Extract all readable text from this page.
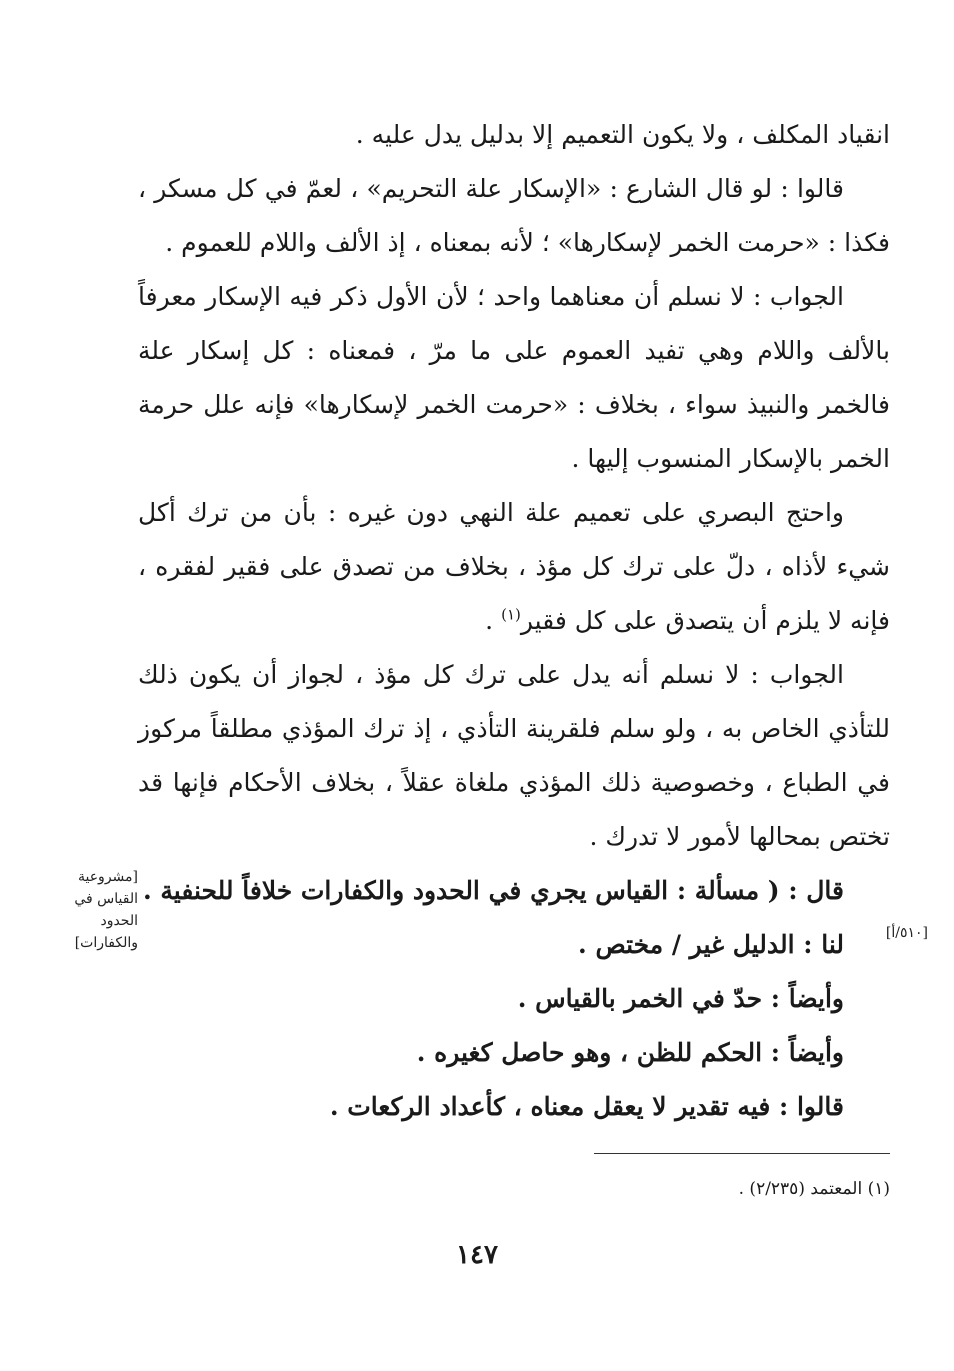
انقياد المكلف ، ولا يكون التعميم إلا بدليل يدل عليه .

قالوا : لو قال الشارع : «الإسكار علة التحريم» ، لعمّ في كل مسكر ، فكذا : «حرمت الخمر لإسكارها» ؛ لأنه بمعناه ، إذ الألف واللام للعموم .

الجواب : لا نسلم أن معناهما واحد ؛ لأن الأول ذكر فيه الإسكار معرفاً بالألف واللام وهي تفيد العموم على ما مرّ ، فمعناه : كل إسكار علة فالخمر والنبيذ سواء ، بخلاف : «حرمت الخمر لإسكارها» فإنه علل حرمة الخمر بالإسكار المنسوب إليها .

واحتج البصري على تعميم علة النهي دون غيره : بأن من ترك أكل شيء لأذاه ، دلّ على ترك كل مؤذ ، بخلاف من تصدق على فقير لفقره ، فإنه لا يلزم أن يتصدق على كل فقير$^{(١)}$ .

الجواب : لا نسلم أنه يدل على ترك كل مؤذ ، لجواز أن يكون ذلك للتأذي الخاص به ، ولو سلم فلقرينة التأذي ، إذ ترك المؤذي مطلقاً مركوز في الطباع ، وخصوصية ذلك المؤذي ملغاة عقلاً ، بخلاف الأحكام فإنها قد تختص بمحالها لأمور لا تدرك .

قال : ( مسألة : القياس يجري في الحدود والكفارات خلافاً للحنفية .

لنا : الدليل غير / مختص .

وأيضاً : حدّ في الخمر بالقياس .

وأيضاً : الحكم للظن ، وهو حاصل كغيره .

قالوا : فيه تقدير لا يعقل معناه ، كأعداد الركعات .

[مشروعية القياس في الحدود والكفارات]
[٥١٠/أ]
(١) المعتمد (٢/٢٣٥) .
١٤٧
